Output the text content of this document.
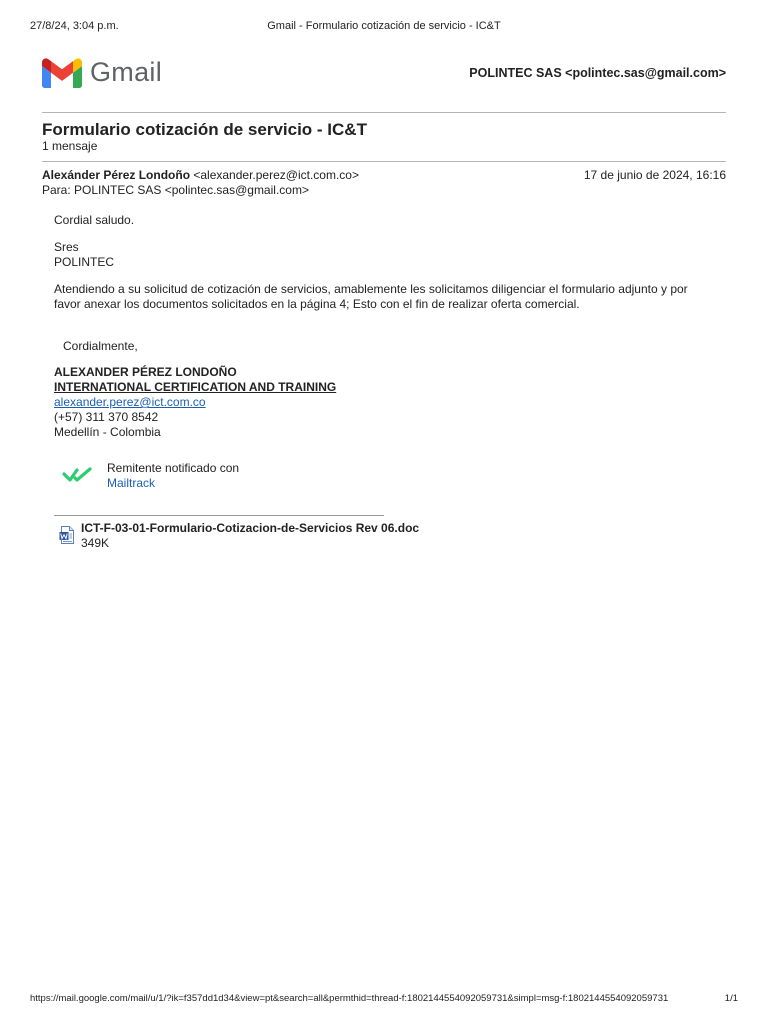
27/8/24, 3:04 p.m.	Gmail - Formulario cotización de servicio - IC&T
Gmail	POLINTEC SAS <polintec.sas@gmail.com>
Formulario cotización de servicio - IC&T
1 mensaje
Alexánder Pérez Londoño <alexander.perez@ict.com.co>	17 de junio de 2024, 16:16
Para: POLINTEC SAS <polintec.sas@gmail.com>
Cordial saludo.
Sres
POLINTEC
Atendiendo a su solicitud de cotización de servicios, amablemente les solicitamos diligenciar el formulario adjunto y por favor anexar los documentos solicitados en la página 4; Esto con el fin de realizar oferta comercial.
Cordialmente,
ALEXANDER PÉREZ LONDOÑO
INTERNATIONAL CERTIFICATION AND TRAINING
alexander.perez@ict.com.co
(+57) 311 370 8542
Medellín - Colombia
Remitente notificado con
Mailtrack
ICT-F-03-01-Formulario-Cotizacion-de-Servicios Rev 06.doc
349K
https://mail.google.com/mail/u/1/?ik=f357dd1d34&view=pt&search=all&permthid=thread-f:1802144554092059731&simpl=msg-f:1802144554092059731	1/1
